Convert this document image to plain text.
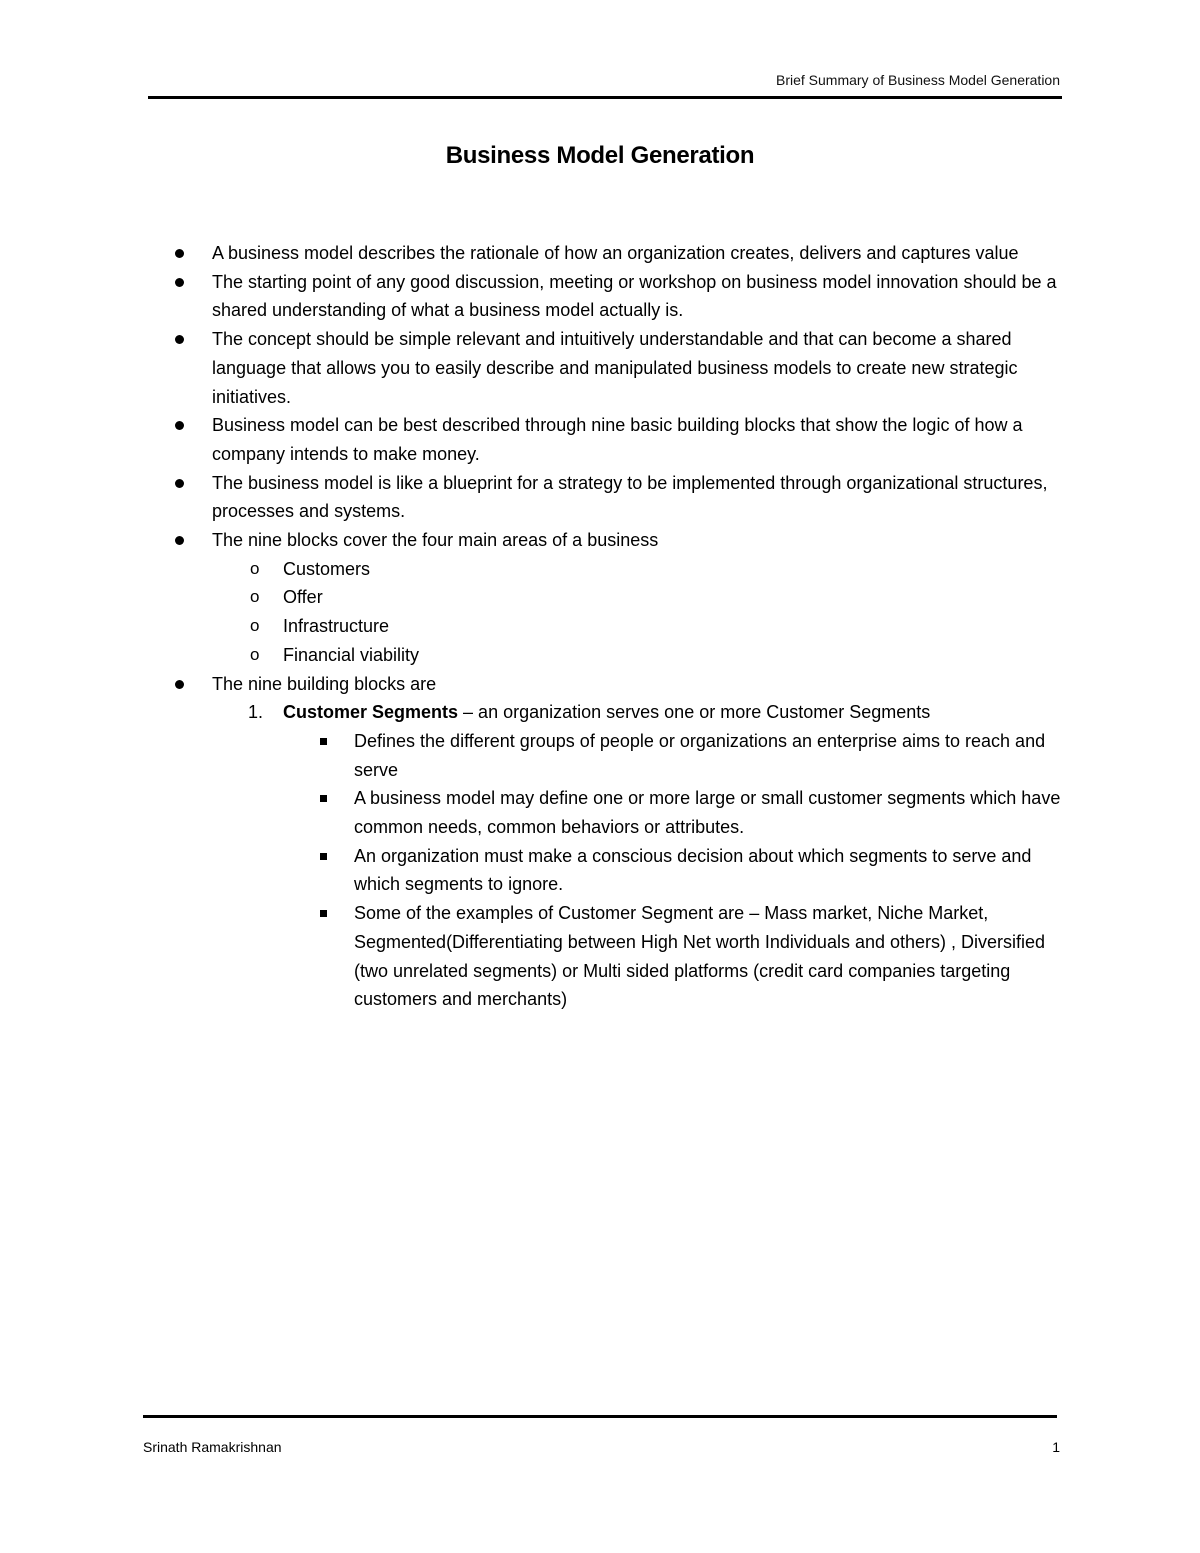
Brief Summary of Business Model Generation
Business Model Generation
A business model describes the rationale of how an organization creates, delivers and captures value
The starting point of any good discussion, meeting or workshop on business model innovation should be a shared understanding of what a business model actually is.
The concept should be simple relevant and intuitively understandable and that can become a shared language that allows you to easily describe and manipulated business models to create new strategic initiatives.
Business model can be best described through nine basic building blocks that show the logic of how a company intends to make money.
The business model is like a blueprint for a strategy to be implemented through organizational structures, processes and systems.
The nine blocks cover the four main areas of a business
o Customers
o Offer
o Infrastructure
o Financial viability
The nine building blocks are
1. Customer Segments – an organization serves one or more Customer Segments
Defines the different groups of people or organizations an enterprise aims to reach and serve
A business model may define one or more large or small customer segments which have common needs, common behaviors or attributes.
An organization must make a conscious decision about which segments to serve and which segments to ignore.
Some of the examples of Customer Segment are – Mass market, Niche Market, Segmented(Differentiating between High Net worth Individuals and others) , Diversified (two unrelated segments) or Multi sided platforms (credit card companies targeting customers and merchants)
Srinath Ramakrishnan	1
